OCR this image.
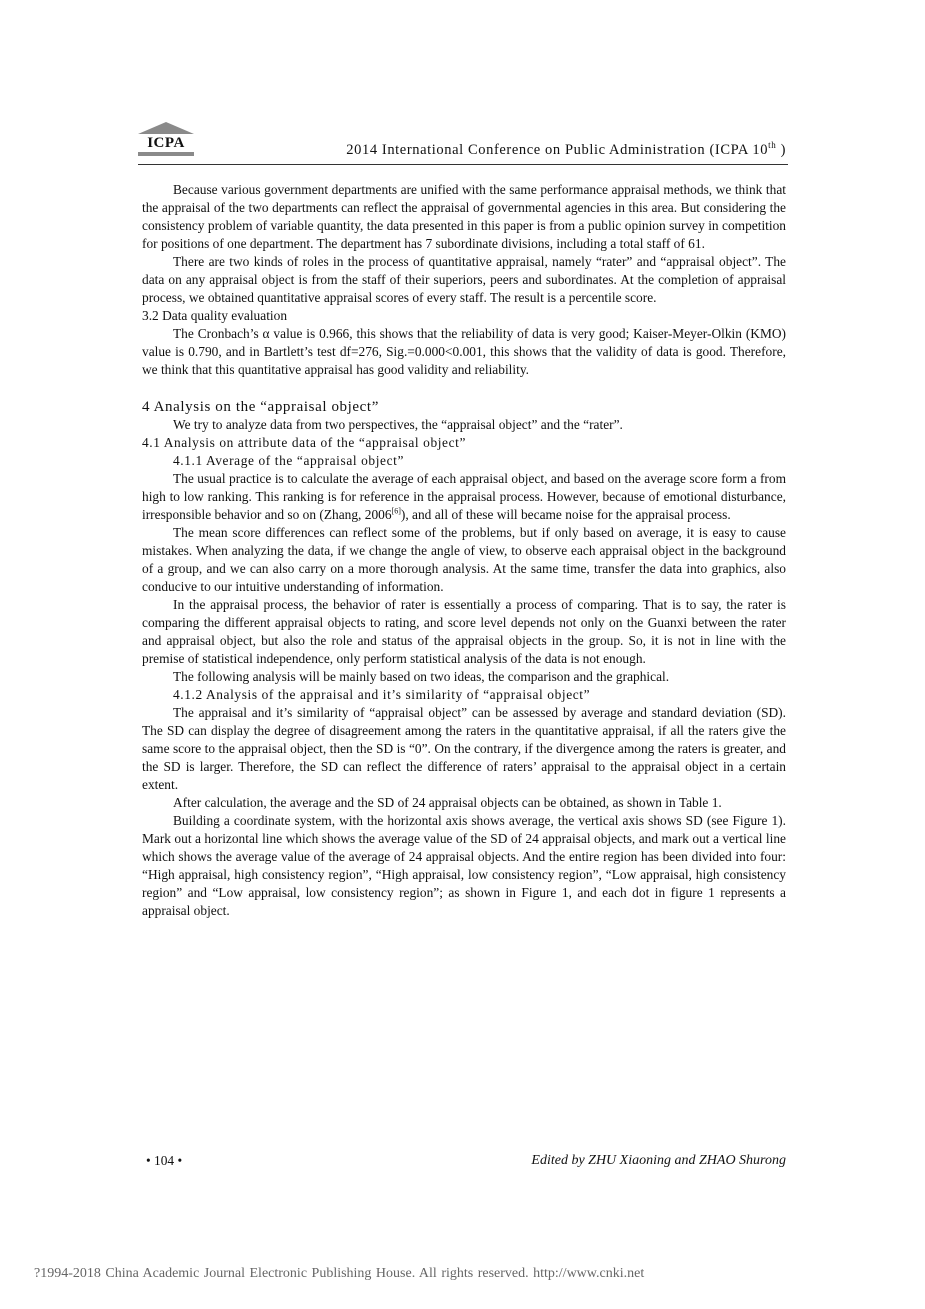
ICPA	2014 International Conference on Public Administration (ICPA 10th )

Because various government departments are unified with the same performance appraisal methods, we think that the appraisal of the two departments can reflect the appraisal of governmental agencies in this area. But considering the consistency problem of variable quantity, the data presented in this paper is from a public opinion survey in competition for positions of one department. The department has 7 subordinate divisions, including a total staff of 61.

There are two kinds of roles in the process of quantitative appraisal, namely “rater” and “appraisal object”. The data on any appraisal object is from the staff of their superiors, peers and subordinates. At the completion of appraisal process, we obtained quantitative appraisal scores of every staff. The result is a percentile score.

3.2 Data quality evaluation

The Cronbach’s α value is 0.966, this shows that the reliability of data is very good; Kaiser-Meyer-Olkin (KMO) value is 0.790, and in Bartlett’s test df=276, Sig.=0.000<0.001, this shows that the validity of data is good. Therefore, we think that this quantitative appraisal has good validity and reliability.

4 Analysis on the “appraisal object”

We try to analyze data from two perspectives, the “appraisal object” and the “rater”.

4.1 Analysis on attribute data of the “appraisal object”

4.1.1 Average of the “appraisal object”

The usual practice is to calculate the average of each appraisal object, and based on the average score form a from high to low ranking. This ranking is for reference in the appraisal process. However, because of emotional disturbance, irresponsible behavior and so on (Zhang, 2006[6]), and all of these will became noise for the appraisal process.

The mean score differences can reflect some of the problems, but if only based on average, it is easy to cause mistakes. When analyzing the data, if we change the angle of view, to observe each appraisal object in the background of a group, and we can also carry on a more thorough analysis. At the same time, transfer the data into graphics, also conducive to our intuitive understanding of information.

In the appraisal process, the behavior of rater is essentially a process of comparing. That is to say, the rater is comparing the different appraisal objects to rating, and score level depends not only on the Guanxi between the rater and appraisal object, but also the role and status of the appraisal objects in the group. So, it is not in line with the premise of statistical independence, only perform statistical analysis of the data is not enough.

The following analysis will be mainly based on two ideas, the comparison and the graphical.

4.1.2 Analysis of the appraisal and it’s similarity of “appraisal object”

The appraisal and it’s similarity of “appraisal object” can be assessed by average and standard deviation (SD). The SD can display the degree of disagreement among the raters in the quantitative appraisal, if all the raters give the same score to the appraisal object, then the SD is “0”. On the contrary, if the divergence among the raters is greater, and the SD is larger. Therefore, the SD can reflect the difference of raters’ appraisal to the appraisal object in a certain extent.

After calculation, the average and the SD of 24 appraisal objects can be obtained, as shown in Table 1.

Building a coordinate system, with the horizontal axis shows average, the vertical axis shows SD (see Figure 1). Mark out a horizontal line which shows the average value of the SD of 24 appraisal objects, and mark out a vertical line which shows the average value of the average of 24 appraisal objects. And the entire region has been divided into four: “High appraisal, high consistency region”, “High appraisal, low consistency region”, “Low appraisal, high consistency region” and “Low appraisal, low consistency region”; as shown in Figure 1, and each dot in figure 1 represents a appraisal object.

• 104 •	Edited by ZHU Xiaoning and ZHAO Shurong
?1994-2018 China Academic Journal Electronic Publishing House. All rights reserved. http://www.cnki.net
